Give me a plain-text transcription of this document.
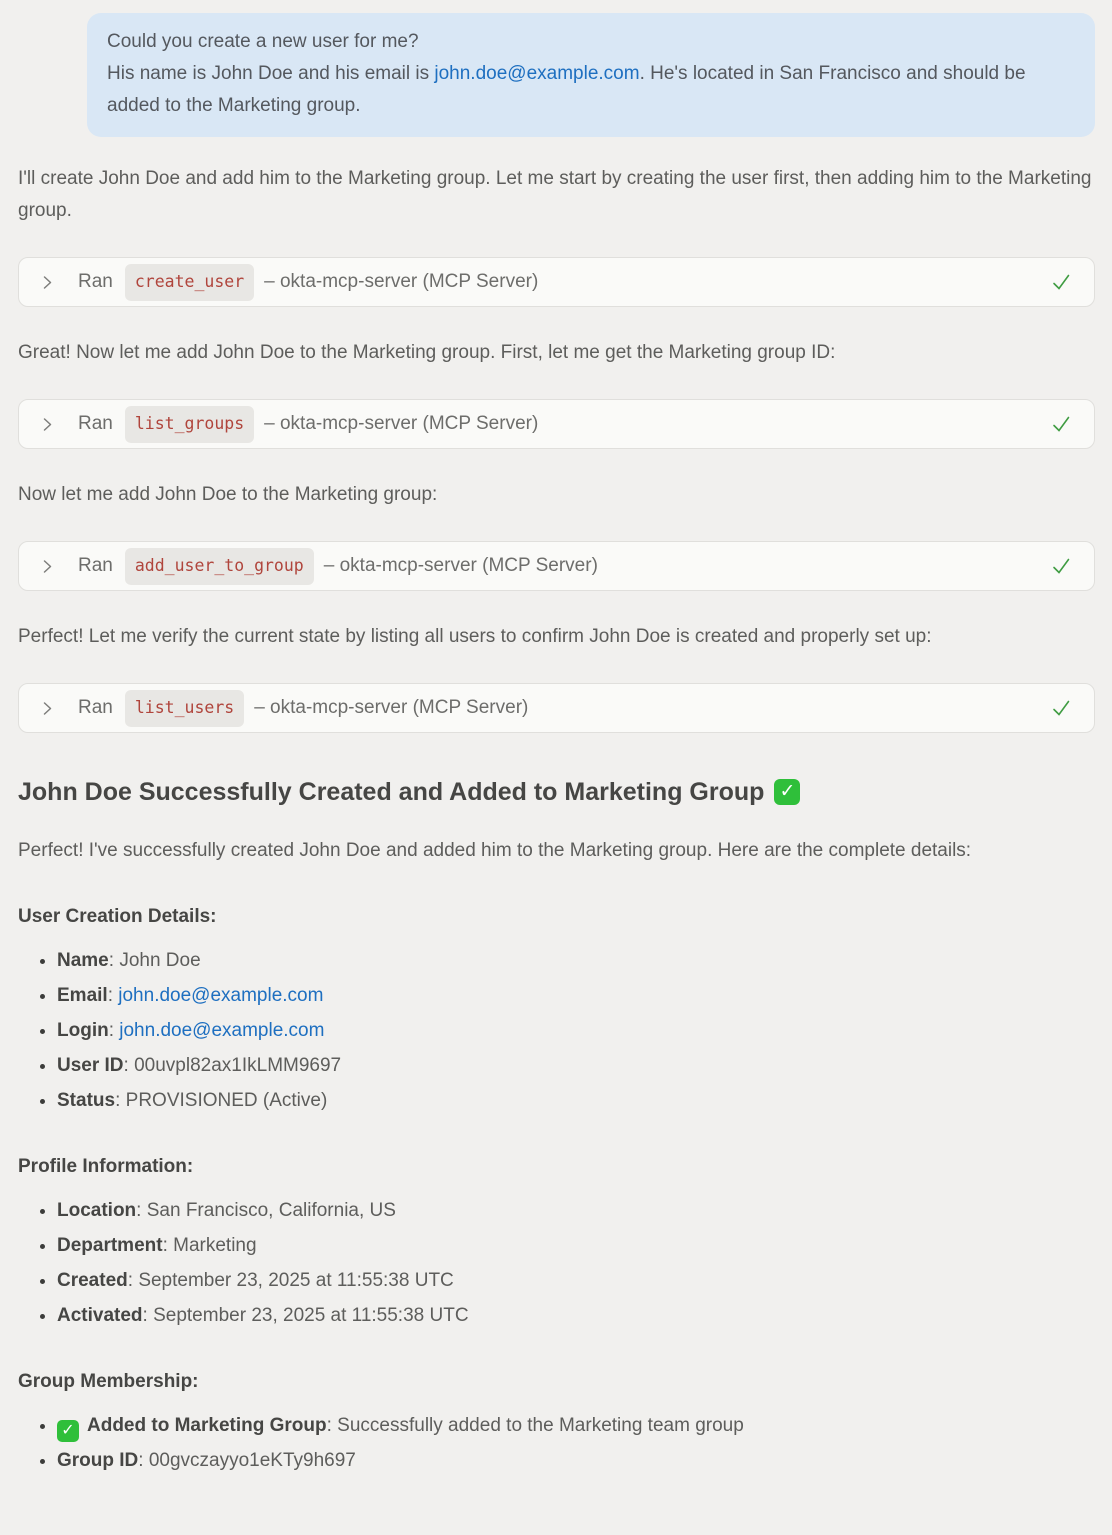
Could you create a new user for me?

His name is John Doe and his email is john.doe@example.com. He's located in San Francisco and should be added to the Marketing group.

I'll create John Doe and add him to the Marketing group. Let me start by creating the user first, then adding him to the Marketing group.

Ran	create_user	– okta-mcp-server (MCP Server)

Great! Now let me add John Doe to the Marketing group. First, let me get the Marketing group ID:

Ran	list_groups	– okta-mcp-server (MCP Server)

Now let me add John Doe to the Marketing group:

Ran	add_user_to_group	– okta-mcp-server (MCP Server)

Perfect! Let me verify the current state by listing all users to confirm John Doe is created and properly set up:

Ran	list_users	– okta-mcp-server (MCP Server)
John Doe Successfully Created and Added to Marketing Group ✓

Perfect! I've successfully created John Doe and added him to the Marketing group. Here are the complete details:

User Creation Details:

• Name: John Doe
• Email: john.doe@example.com
• Login: john.doe@example.com
• User ID: 00uvpl82ax1IkLMM9697
• Status: PROVISIONED (Active)

Profile Information:

• Location: San Francisco, California, US
• Department: Marketing
• Created: September 23, 2025 at 11:55:38 UTC
• Activated: September 23, 2025 at 11:55:38 UTC

Group Membership:

• ✓ Added to Marketing Group: Successfully added to the Marketing team group
• Group ID: 00gvczayyo1eKTy9h697
